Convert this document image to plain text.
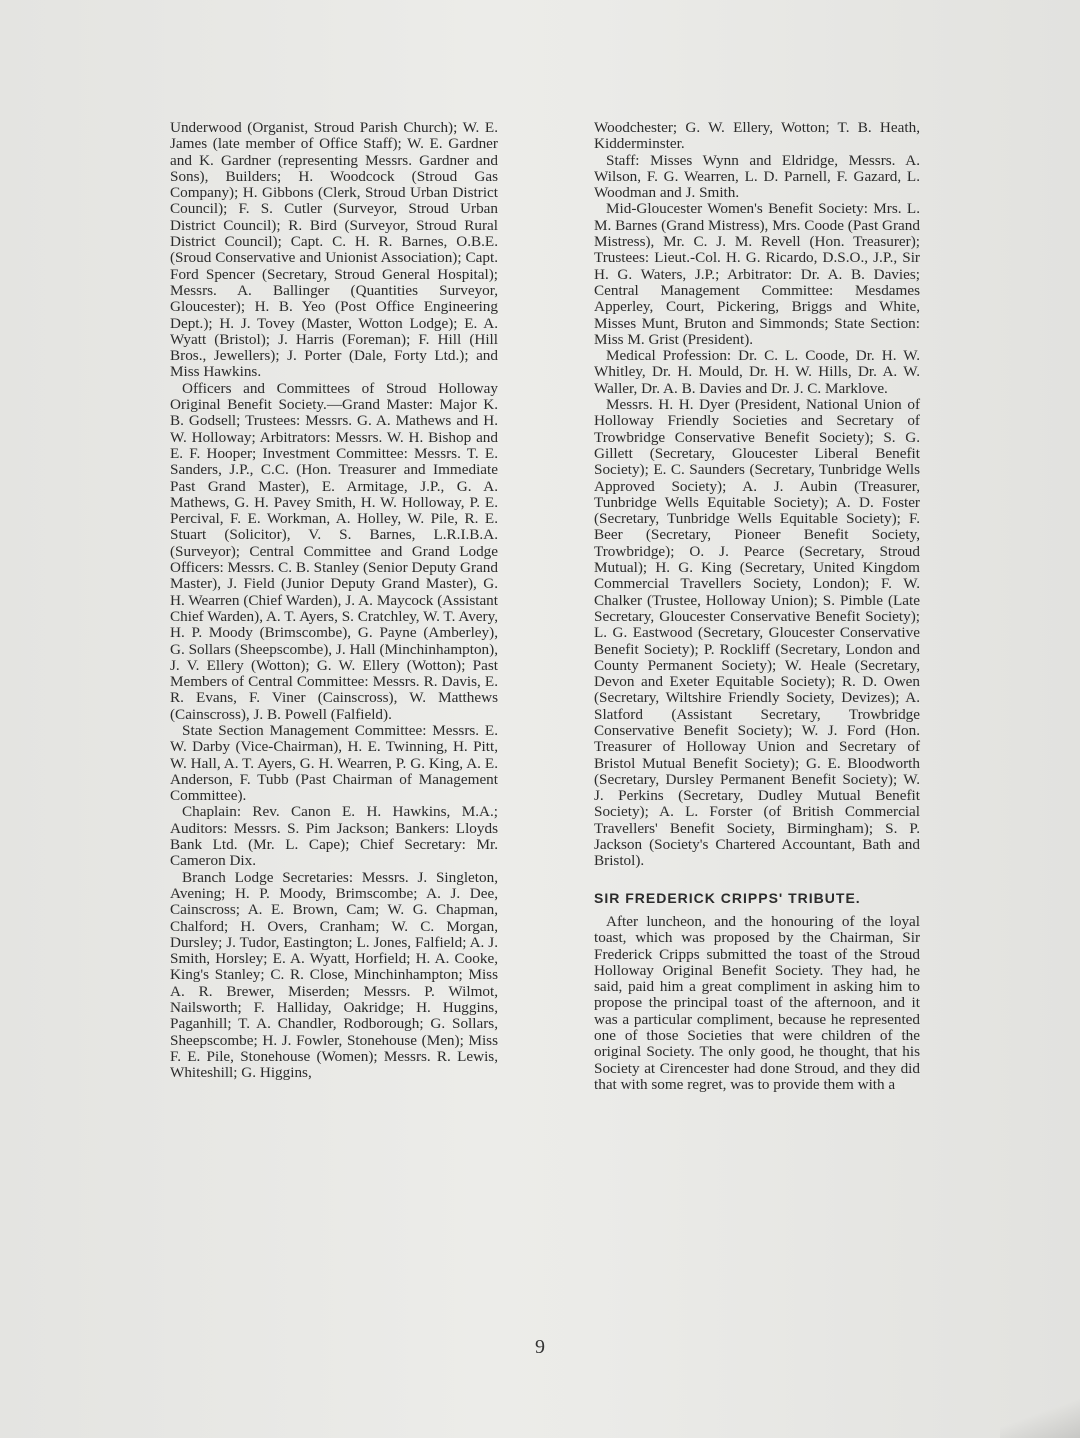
Underwood (Organist, Stroud Parish Church); W. E. James (late member of Office Staff); W. E. Gardner and K. Gardner (representing Messrs. Gardner and Sons), Builders; H. Woodcock (Stroud Gas Company); H. Gibbons (Clerk, Stroud Urban District Council); F. S. Cutler (Surveyor, Stroud Urban District Council); R. Bird (Surveyor, Stroud Rural District Council); Capt. C. H. R. Barnes, O.B.E. (Sroud Conservative and Unionist Association); Capt. Ford Spencer (Secretary, Stroud General Hospital); Messrs. A. Ballinger (Quantities Surveyor, Gloucester); H. B. Yeo (Post Office Engineering Dept.); H. J. Tovey (Master, Wotton Lodge); E. A. Wyatt (Bristol); J. Harris (Foreman); F. Hill (Hill Bros., Jewellers); J. Porter (Dale, Forty Ltd.); and Miss Hawkins.

Officers and Committees of Stroud Holloway Original Benefit Society.—Grand Master: Major K. B. Godsell; Trustees: Messrs. G. A. Mathews and H. W. Holloway; Arbitrators: Messrs. W. H. Bishop and E. F. Hooper; Investment Committee: Messrs. T. E. Sanders, J.P., C.C. (Hon. Treasurer and Immediate Past Grand Master), E. Armitage, J.P., G. A. Mathews, G. H. Pavey Smith, H. W. Holloway, P. E. Percival, F. E. Workman, A. Holley, W. Pile, R. E. Stuart (Solicitor), V. S. Barnes, L.R.I.B.A. (Surveyor); Central Committee and Grand Lodge Officers: Messrs. C. B. Stanley (Senior Deputy Grand Master), J. Field (Junior Deputy Grand Master), G. H. Wearren (Chief Warden), J. A. Maycock (Assistant Chief Warden), A. T. Ayers, S. Cratchley, W. T. Avery, H. P. Moody (Brimscombe), G. Payne (Amberley), G. Sollars (Sheepscombe), J. Hall (Minchinhampton), J. V. Ellery (Wotton); G. W. Ellery (Wotton); Past Members of Central Committee: Messrs. R. Davis, E. R. Evans, F. Viner (Cainscross), W. Matthews (Cainscross), J. B. Powell (Falfield).

State Section Management Committee: Messrs. E. W. Darby (Vice-Chairman), H. E. Twinning, H. Pitt, W. Hall, A. T. Ayers, G. H. Wearren, P. G. King, A. E. Anderson, F. Tubb (Past Chairman of Management Committee).

Chaplain: Rev. Canon E. H. Hawkins, M.A.; Auditors: Messrs. S. Pim Jackson; Bankers: Lloyds Bank Ltd. (Mr. L. Cape); Chief Secretary: Mr. Cameron Dix.

Branch Lodge Secretaries: Messrs. J. Singleton, Avening; H. P. Moody, Brimscombe; A. J. Dee, Cainscross; A. E. Brown, Cam; W. G. Chapman, Chalford; H. Overs, Cranham; W. C. Morgan, Dursley; J. Tudor, Eastington; L. Jones, Falfield; A. J. Smith, Horsley; E. A. Wyatt, Horfield; H. A. Cooke, King's Stanley; C. R. Close, Minchinhampton; Miss A. R. Brewer, Miserden; Messrs. P. Wilmot, Nailsworth; F. Halliday, Oakridge; H. Huggins, Paganhill; T. A. Chandler, Rodborough; G. Sollars, Sheepscombe; H. J. Fowler, Stonehouse (Men); Miss F. E. Pile, Stonehouse (Women); Messrs. R. Lewis, Whiteshill; G. Higgins,

Woodchester; G. W. Ellery, Wotton; T. B. Heath, Kidderminster.

Staff: Misses Wynn and Eldridge, Messrs. A. Wilson, F. G. Wearren, L. D. Parnell, F. Gazard, L. Woodman and J. Smith.

Mid-Gloucester Women's Benefit Society: Mrs. L. M. Barnes (Grand Mistress), Mrs. Coode (Past Grand Mistress), Mr. C. J. M. Revell (Hon. Treasurer); Trustees: Lieut.-Col. H. G. Ricardo, D.S.O., J.P., Sir H. G. Waters, J.P.; Arbitrator: Dr. A. B. Davies; Central Management Committee: Mesdames Apperley, Court, Pickering, Briggs and White, Misses Munt, Bruton and Simmonds; State Section: Miss M. Grist (President).

Medical Profession: Dr. C. L. Coode, Dr. H. W. Whitley, Dr. H. Mould, Dr. H. W. Hills, Dr. A. W. Waller, Dr. A. B. Davies and Dr. J. C. Marklove.

Messrs. H. H. Dyer (President, National Union of Holloway Friendly Societies and Secretary of Trowbridge Conservative Benefit Society); S. G. Gillett (Secretary, Gloucester Liberal Benefit Society); E. C. Saunders (Secretary, Tunbridge Wells Approved Society); A. J. Aubin (Treasurer, Tunbridge Wells Equitable Society); A. D. Foster (Secretary, Tunbridge Wells Equitable Society); F. Beer (Secretary, Pioneer Benefit Society, Trowbridge); O. J. Pearce (Secretary, Stroud Mutual); H. G. King (Secretary, United Kingdom Commercial Travellers Society, London); F. W. Chalker (Trustee, Holloway Union); S. Pimble (Late Secretary, Gloucester Conservative Benefit Society); L. G. Eastwood (Secretary, Gloucester Conservative Benefit Society); P. Rockliff (Secretary, London and County Permanent Society); W. Heale (Secretary, Devon and Exeter Equitable Society); R. D. Owen (Secretary, Wiltshire Friendly Society, Devizes); A. Slatford (Assistant Secretary, Trowbridge Conservative Benefit Society); W. J. Ford (Hon. Treasurer of Holloway Union and Secretary of Bristol Mutual Benefit Society); G. E. Bloodworth (Secretary, Dursley Permanent Benefit Society); W. J. Perkins (Secretary, Dudley Mutual Benefit Society); A. L. Forster (of British Commercial Travellers' Benefit Society, Birmingham); S. P. Jackson (Society's Chartered Accountant, Bath and Bristol).

SIR FREDERICK CRIPPS' TRIBUTE.

After luncheon, and the honouring of the loyal toast, which was proposed by the Chairman, Sir Frederick Cripps submitted the toast of the Stroud Holloway Original Benefit Society. They had, he said, paid him a great compliment in asking him to propose the principal toast of the afternoon, and it was a particular compliment, because he represented one of those Societies that were children of the original Society. The only good, he thought, that his Society at Cirencester had done Stroud, and they did that with some regret, was to provide them with a

9
